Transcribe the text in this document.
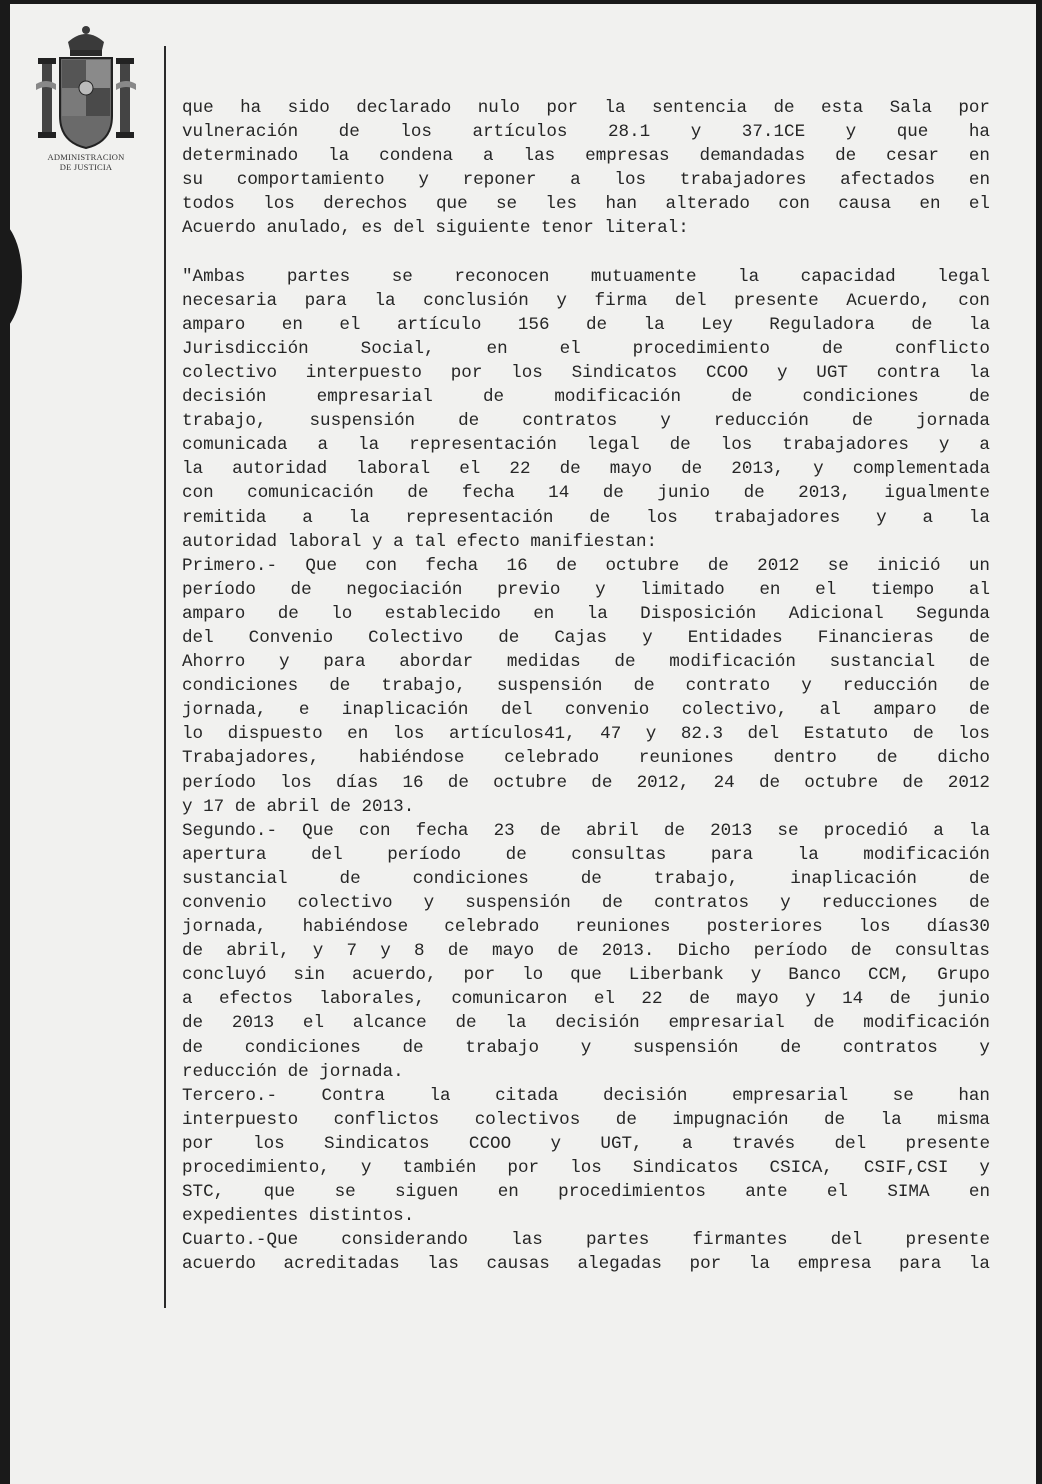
ADMINISTRACION
DE JUSTICIA
que ha sido declarado nulo por la sentencia de esta Sala por
vulneración de los artículos 28.1 y 37.1CE y que ha
determinado la condena a las empresas demandadas de cesar en
su comportamiento y reponer a los trabajadores afectados en
todos los derechos que se les han alterado con causa en el
Acuerdo anulado, es del siguiente tenor literal:
"Ambas partes se reconocen mutuamente la capacidad legal
necesaria para la conclusión y firma del presente Acuerdo, con
amparo en el artículo 156 de la Ley Reguladora de la
Jurisdicción Social, en el procedimiento de conflicto
colectivo interpuesto por los Sindicatos CCOO y UGT contra la
decisión empresarial de modificación de condiciones de
trabajo, suspensión de contratos y reducción de jornada
comunicada a la representación legal de los trabajadores y a
la autoridad laboral el 22 de mayo de 2013, y complementada
con comunicación de fecha 14 de junio de 2013, igualmente
remitida a la representación de los trabajadores y a la
autoridad laboral y a tal efecto manifiestan:
Primero.- Que con fecha 16 de octubre de 2012 se inició un
período de negociación previo y limitado en el tiempo al
amparo de lo establecido en la Disposición Adicional Segunda
del Convenio Colectivo de Cajas y Entidades Financieras de
Ahorro y para abordar medidas de modificación sustancial de
condiciones de trabajo, suspensión de contrato y reducción de
jornada, e inaplicación del convenio colectivo, al amparo de
lo dispuesto en los artículos41, 47 y 82.3 del Estatuto de los
Trabajadores, habiéndose celebrado reuniones dentro de dicho
período los días 16 de octubre de 2012, 24 de octubre de 2012
y 17 de abril de 2013.
Segundo.- Que con fecha 23 de abril de 2013 se procedió a la
apertura del período de consultas para la modificación
sustancial de condiciones de trabajo, inaplicación de
convenio colectivo y suspensión de contratos y reducciones de
jornada, habiéndose celebrado reuniones posteriores los días30
de abril, y 7 y 8 de mayo de 2013. Dicho período de consultas
concluyó sin acuerdo, por lo que Liberbank y Banco CCM, Grupo
a efectos laborales, comunicaron el 22 de mayo y 14 de junio
de 2013 el alcance de la decisión empresarial de modificación
de condiciones de trabajo y suspensión de contratos y
reducción de jornada.
Tercero.- Contra la citada decisión empresarial se han
interpuesto conflictos colectivos de impugnación de la misma
por los Sindicatos CCOO y UGT, a través del presente
procedimiento, y también por los Sindicatos CSICA, CSIF,CSI y
STC, que se siguen en procedimientos ante el SIMA en
expedientes distintos.
Cuarto.-Que considerando las partes firmantes del presente
acuerdo acreditadas las causas alegadas por la empresa para la
